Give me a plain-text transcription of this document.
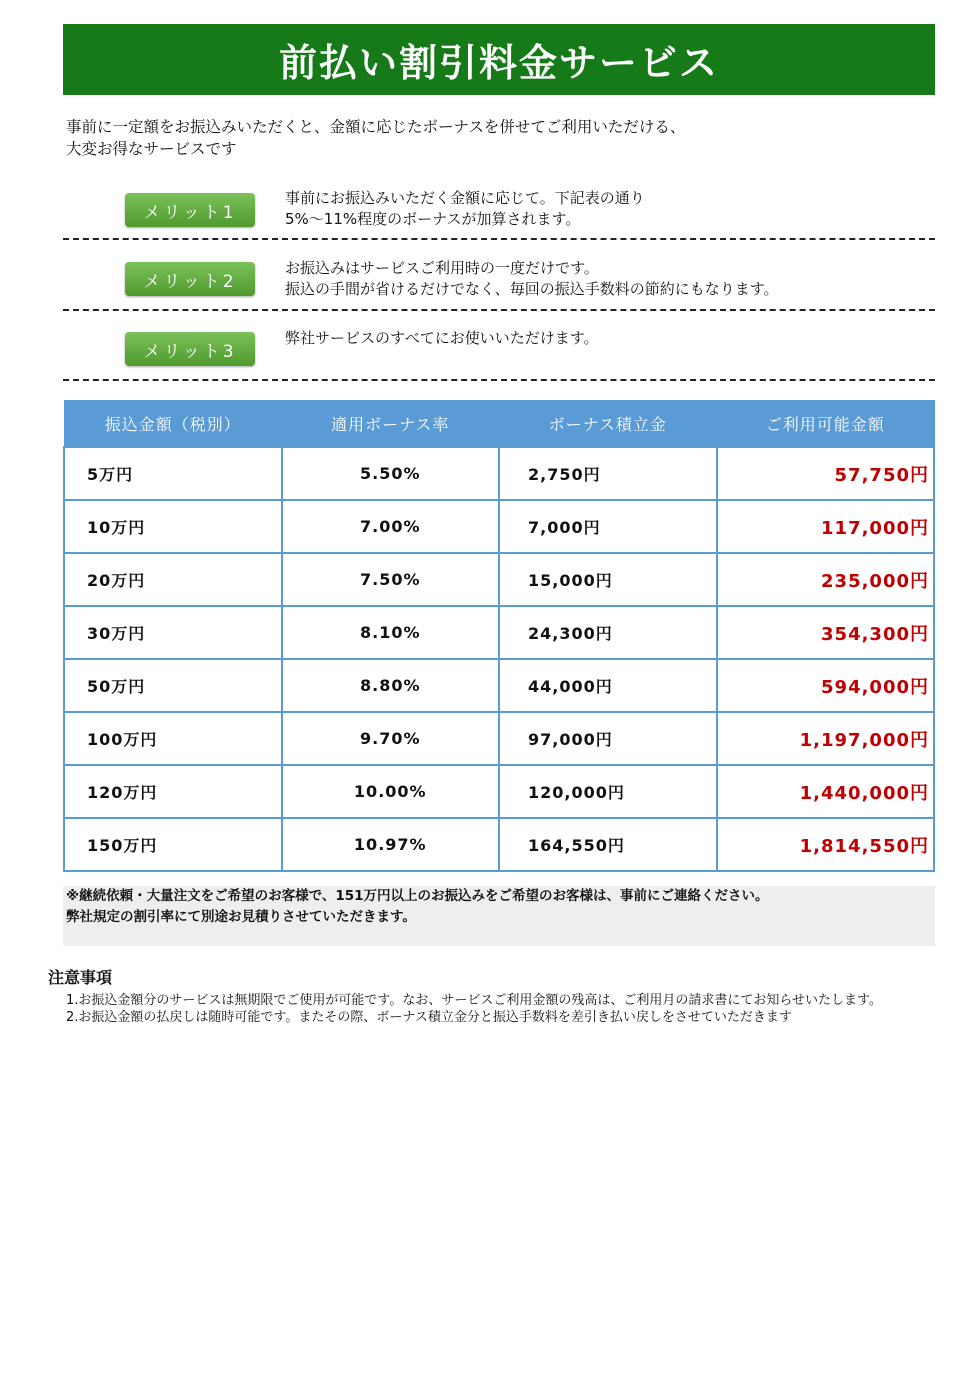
前払い割引料金サービス
事前に一定額をお振込みいただくと、金額に応じたボーナスを併せてご利用いただける、
大変お得なサービスです
メリット1
事前にお振込みいただく金額に応じて。下記表の通り
5%～11%程度のボーナスが加算されます。
メリット2
お振込みはサービスご利用時の一度だけです。
振込の手間が省けるだけでなく、毎回の振込手数料の節約にもなります。
メリット3
弊社サービスのすべてにお使いいただけます。
振込金額（税別）	適用ボーナス率	ボーナス積立金	ご利用可能金額
5万円	5.50%	2,750円	57,750円
10万円	7.00%	7,000円	117,000円
20万円	7.50%	15,000円	235,000円
30万円	8.10%	24,300円	354,300円
50万円	8.80%	44,000円	594,000円
100万円	9.70%	97,000円	1,197,000円
120万円	10.00%	120,000円	1,440,000円
150万円	10.97%	164,550円	1,814,550円
※継続依頼・大量注文をご希望のお客様で、151万円以上のお振込みをご希望のお客様は、事前にご連絡ください。
弊社規定の割引率にて別途お見積りさせていただきます。
注意事項
1.お振込金額分のサービスは無期限でご使用が可能です。なお、サービスご利用金額の残高は、ご利用月の請求書にてお知らせいたします。
2.お振込金額の払戻しは随時可能です。またその際、ボーナス積立金分と振込手数料を差引き払い戻しをさせていただきます
